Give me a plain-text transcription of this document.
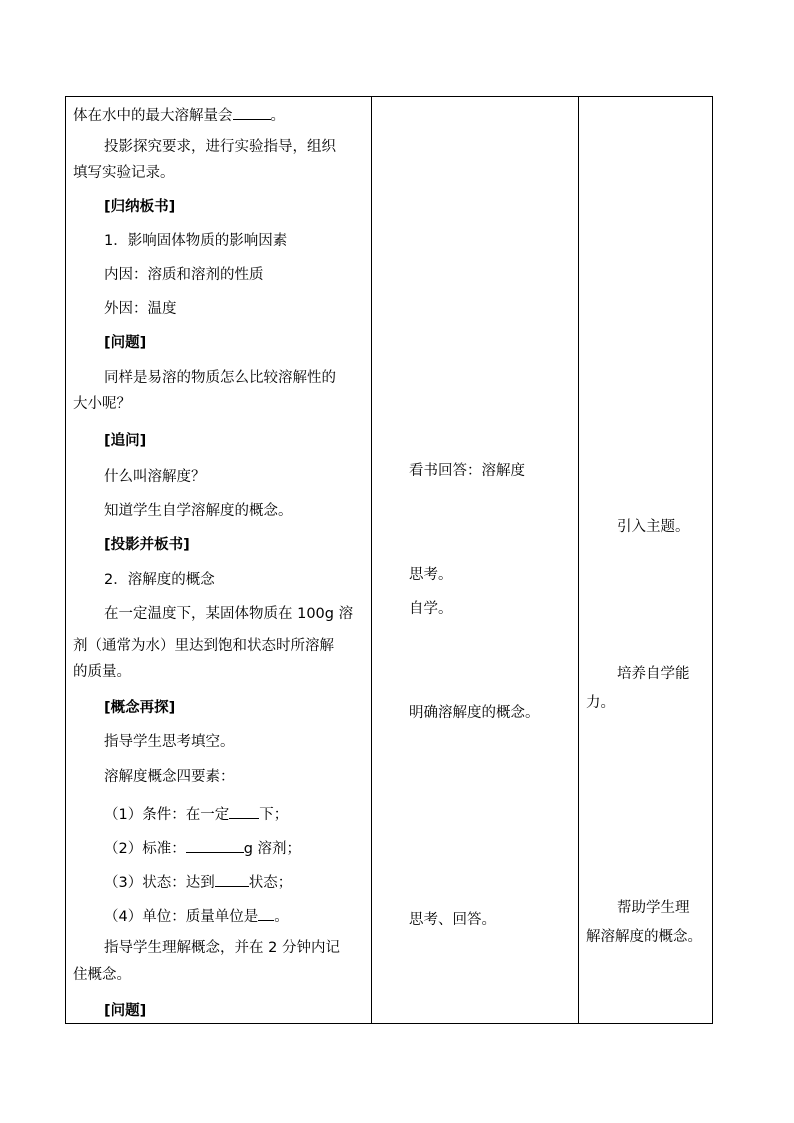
体在水中的最大溶解量会	。
投影探究要求，进行实验指导，组织
填写实验记录。
[归纳板书]
1．影响固体物质的影响因素
内因：溶质和溶剂的性质
外因：温度
[问题]
同样是易溶的物质怎么比较溶解性的
大小呢？
[追问]
什么叫溶解度？
知道学生自学溶解度的概念。
[投影并板书]
2．溶解度的概念
在一定温度下，某固体物质在 100g 溶
剂（通常为水）里达到饱和状态时所溶解
的质量。
[概念再探]
指导学生思考填空。
溶解度概念四要素：
（1）条件：在一定 下；
（2）标准：	g 溶剂；
（3）状态：达到 状态；
（4）单位：质量单位是 。
指导学生理解概念，并在 2 分钟内记
住概念。
[问题]

看书回答：溶解度
思考。
自学。
明确溶解度的概念。
思考、回答。

引入主题。
培养自学能
力。
帮助学生理
解溶解度的概念。
